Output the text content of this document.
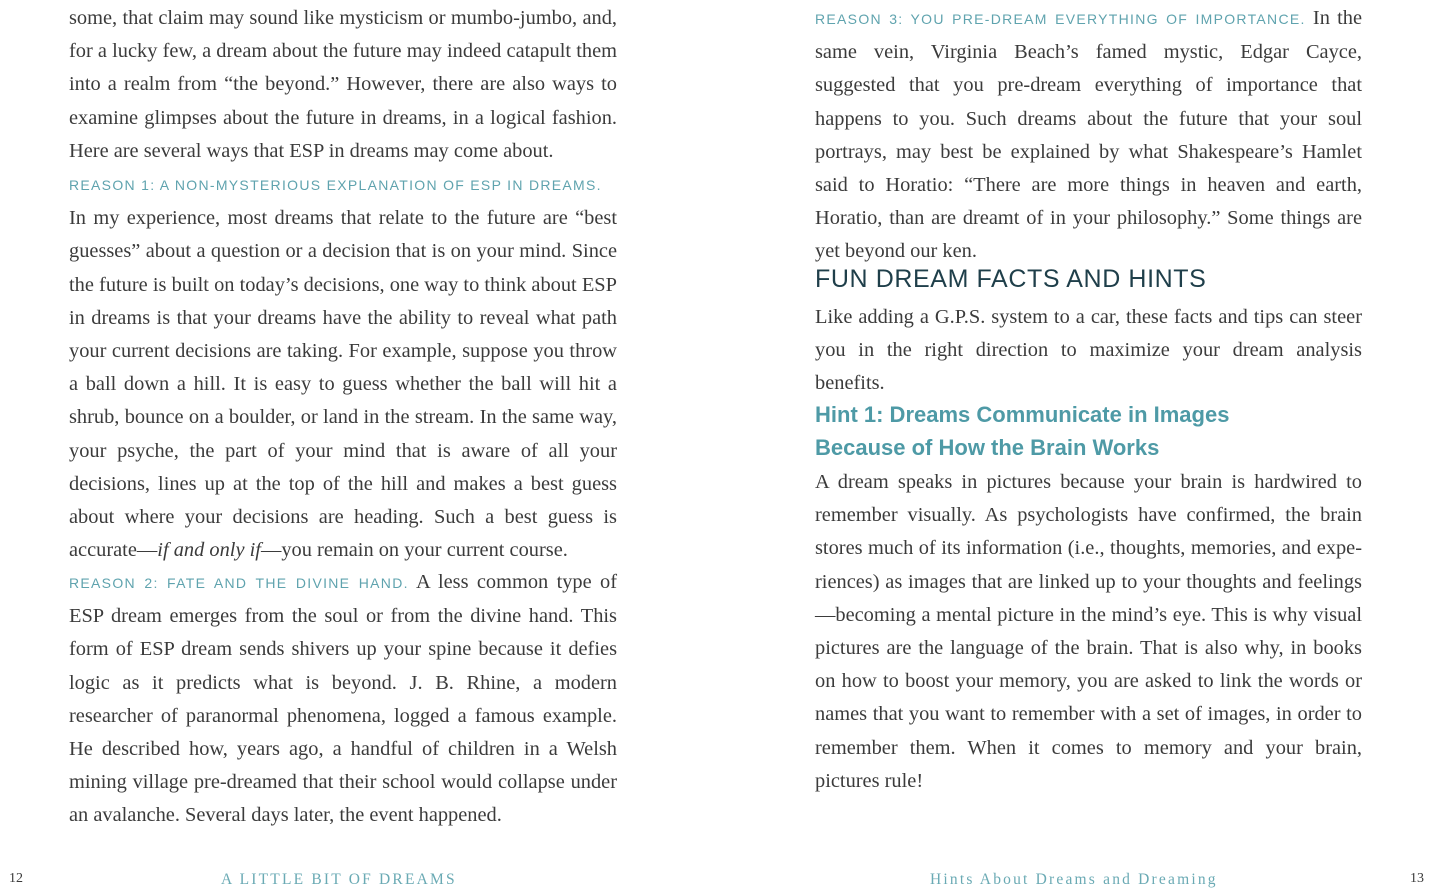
some, that claim may sound like mysticism or mumbo-jumbo, and, for a lucky few, a dream about the future may indeed catapult them into a realm from “the beyond.” However, there are also ways to examine glimpses about the future in dreams, in a logical fashion. Here are several ways that ESP in dreams may come about.

REASON 1: A NON-MYSTERIOUS EXPLANATION OF ESP IN DREAMS.
In my experience, most dreams that relate to the future are “best guesses” about a question or a decision that is on your mind. Since the future is built on today’s decisions, one way to think about ESP in dreams is that your dreams have the ability to reveal what path your current decisions are taking. For example, suppose you throw a ball down a hill. It is easy to guess whether the ball will hit a shrub, bounce on a boulder, or land in the stream. In the same way, your psyche, the part of your mind that is aware of all your decisions, lines up at the top of the hill and makes a best guess about where your decisions are heading. Such a best guess is accurate—if and only if—you remain on your current course.

REASON 2: FATE AND THE DIVINE HAND. A less common type of ESP dream emerges from the soul or from the divine hand. This form of ESP dream sends shivers up your spine because it defies logic as it predicts what is beyond. J. B. Rhine, a modern researcher of paranormal phenomena, logged a famous example. He described how, years ago, a handful of children in a Welsh mining village pre-dreamed that their school would collapse under an avalanche. Several days later, the event happened.

REASON 3: YOU PRE-DREAM EVERYTHING OF IMPORTANCE. In the same vein, Virginia Beach’s famed mystic, Edgar Cayce, suggested that you pre-dream everything of importance that happens to you. Such dreams about the future that your soul portrays, may best be explained by what Shakespeare’s Hamlet said to Horatio: “There are more things in heaven and earth, Horatio, than are dreamt of in your philosophy.” Some things are yet beyond our ken.

FUN DREAM FACTS AND HINTS

Like adding a G.P.S. system to a car, these facts and tips can steer you in the right direction to maximize your dream analysis benefits.

Hint 1: Dreams Communicate in Images
Because of How the Brain Works

A dream speaks in pictures because your brain is hardwired to remember visually. As psychologists have confirmed, the brain stores much of its information (i.e., thoughts, memories, and experiences) as images that are linked up to your thoughts and feelings—becoming a mental picture in the mind’s eye. This is why visual pictures are the language of the brain. That is also why, in books on how to boost your memory, you are asked to link the words or names that you want to remember with a set of images, in order to remember them. When it comes to memory and your brain, pictures rule!

12	A LITTLE BIT OF DREAMS	Hints About Dreams and Dreaming	13
